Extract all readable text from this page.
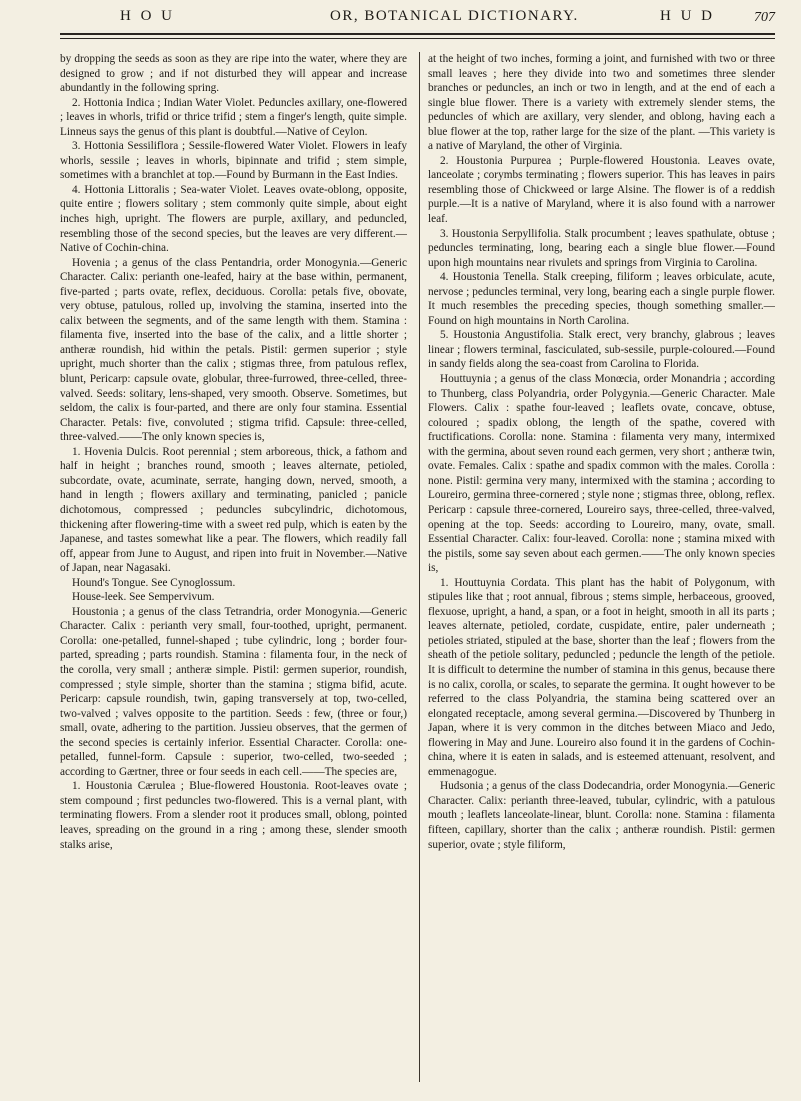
H O U	OR, BOTANICAL DICTIONARY.	H U D	707

by dropping the seeds as soon as they are ripe into the water, where they are designed to grow ; and if not disturbed they will appear and increase abundantly in the following spring.

2. Hottonia Indica ; Indian Water Violet. Peduncles axillary, one-flowered ; leaves in whorls, trifid or thrice trifid ; stem a finger's length, quite simple. Linneus says the genus of this plant is doubtful.—Native of Ceylon.

3. Hottonia Sessiliflora ; Sessile-flowered Water Violet. Flowers in leafy whorls, sessile ; leaves in whorls, bipinnate and trifid ; stem simple, sometimes with a branchlet at top.—Found by Burmann in the East Indies.

4. Hottonia Littoralis ; Sea-water Violet. Leaves ovate-oblong, opposite, quite entire ; flowers solitary ; stem commonly quite simple, about eight inches high, upright. The flowers are purple, axillary, and peduncled, resembling those of the second species, but the leaves are very different.—Native of Cochin-china.

Hovenia ; a genus of the class Pentandria, order Monogynia.—Generic Character. Calix: perianth one-leafed, hairy at the base within, permanent, five-parted ; parts ovate, reflex, deciduous. Corolla: petals five, obovate, very obtuse, patulous, rolled up, involving the stamina, inserted into the calix between the segments, and of the same length with them. Stamina : filamenta five, inserted into the base of the calix, and a little shorter ; antheræ roundish, hid within the petals. Pistil: germen superior ; style upright, much shorter than the calix ; stigmas three, from patulous reflex, blunt, Pericarp: capsule ovate, globular, three-furrowed, three-celled, three-valved. Seeds: solitary, lens-shaped, very smooth. Observe. Sometimes, but seldom, the calix is four-parted, and there are only four stamina. Essential Character. Petals: five, convoluted ; stigma trifid. Capsule: three-celled, three-valved.——The only known species is,

1. Hovenia Dulcis. Root perennial ; stem arboreous, thick, a fathom and half in height ; branches round, smooth ; leaves alternate, petioled, subcordate, ovate, acuminate, serrate, hanging down, nerved, smooth, a hand in length ; flowers axillary and terminating, panicled ; panicle dichotomous, compressed ; peduncles subcylindric, dichotomous, thickening after flowering-time with a sweet red pulp, which is eaten by the Japanese, and tastes somewhat like a pear. The flowers, which readily fall off, appear from June to August, and ripen into fruit in November.—Native of Japan, near Nagasaki.

Hound's Tongue. See Cynoglossum.

House-leek. See Sempervivum.

Houstonia ; a genus of the class Tetrandria, order Monogynia.—Generic Character. Calix : perianth very small, four-toothed, upright, permanent. Corolla: one-petalled, funnel-shaped ; tube cylindric, long ; border four-parted, spreading ; parts roundish. Stamina : filamenta four, in the neck of the corolla, very small ; antheræ simple. Pistil: germen superior, roundish, compressed ; style simple, shorter than the stamina ; stigma bifid, acute. Pericarp: capsule roundish, twin, gaping transversely at top, two-celled, two-valved ; valves opposite to the partition. Seeds : few, (three or four,) small, ovate, adhering to the partition. Jussieu observes, that the germen of the second species is certainly inferior. Essential Character. Corolla: one-petalled, funnel-form. Capsule : superior, two-celled, two-seeded ; according to Gærtner, three or four seeds in each cell.——The species are,

1. Houstonia Cærulea ; Blue-flowered Houstonia. Root-leaves ovate ; stem compound ; first peduncles two-flowered. This is a vernal plant, with terminating flowers. From a slender root it produces small, oblong, pointed leaves, spreading on the ground in a ring ; among these, slender smooth stalks arise,

at the height of two inches, forming a joint, and furnished with two or three small leaves ; here they divide into two and sometimes three slender branches or peduncles, an inch or two in length, and at the end of each a single blue flower. There is a variety with extremely slender stems, the peduncles of which are axillary, very slender, and oblong, having each a blue flower at the top, rather large for the size of the plant. —This variety is a native of Maryland, the other of Virginia.

2. Houstonia Purpurea ; Purple-flowered Houstonia. Leaves ovate, lanceolate ; corymbs terminating ; flowers superior. This has leaves in pairs resembling those of Chickweed or large Alsine. The flower is of a reddish purple.—It is a native of Maryland, where it is also found with a narrower leaf.

3. Houstonia Serpyllifolia. Stalk procumbent ; leaves spathulate, obtuse ; peduncles terminating, long, bearing each a single blue flower.—Found upon high mountains near rivulets and springs from Virginia to Carolina.

4. Houstonia Tenella. Stalk creeping, filiform ; leaves orbiculate, acute, nervose ; peduncles terminal, very long, bearing each a single purple flower. It much resembles the preceding species, though something smaller.—Found on high mountains in North Carolina.

5. Houstonia Angustifolia. Stalk erect, very branchy, glabrous ; leaves linear ; flowers terminal, fasciculated, sub-sessile, purple-coloured.—Found in sandy fields along the sea-coast from Carolina to Florida.

Houttuynia ; a genus of the class Monœcia, order Monandria ; according to Thunberg, class Polyandria, order Polygynia.—Generic Character. Male Flowers. Calix : spathe four-leaved ; leaflets ovate, concave, obtuse, coloured ; spadix oblong, the length of the spathe, covered with fructifications. Corolla: none. Stamina : filamenta very many, intermixed with the germina, about seven round each germen, very short ; antheræ twin, ovate. Females. Calix : spathe and spadix common with the males. Corolla : none. Pistil: germina very many, intermixed with the stamina ; according to Loureiro, germina three-cornered ; style none ; stigmas three, oblong, reflex. Pericarp : capsule three-cornered, Loureiro says, three-celled, three-valved, opening at the top. Seeds: according to Loureiro, many, ovate, small. Essential Character. Calix: four-leaved. Corolla: none ; stamina mixed with the pistils, some say seven about each germen.——The only known species is,

1. Houttuynia Cordata. This plant has the habit of Polygonum, with stipules like that ; root annual, fibrous ; stems simple, herbaceous, grooved, flexuose, upright, a hand, a span, or a foot in height, smooth in all its parts ; leaves alternate, petioled, cordate, cuspidate, entire, paler underneath ; petioles striated, stipuled at the base, shorter than the leaf ; flowers from the sheath of the petiole solitary, peduncled ; peduncle the length of the petiole. It is difficult to determine the number of stamina in this genus, because there is no calix, corolla, or scales, to separate the germina. It ought however to be referred to the class Polyandria, the stamina being scattered over an elongated receptacle, among several germina.—Discovered by Thunberg in Japan, where it is very common in the ditches between Miaco and Jedo, flowering in May and June. Loureiro also found it in the gardens of Cochin-china, where it is eaten in salads, and is esteemed attenuant, resolvent, and emmenagogue.

Hudsonia ; a genus of the class Dodecandria, order Monogynia.—Generic Character. Calix: perianth three-leaved, tubular, cylindric, with a patulous mouth ; leaflets lanceolate-linear, blunt. Corolla: none. Stamina : filamenta fifteen, capillary, shorter than the calix ; antheræ roundish. Pistil: germen superior, ovate ; style filiform,
